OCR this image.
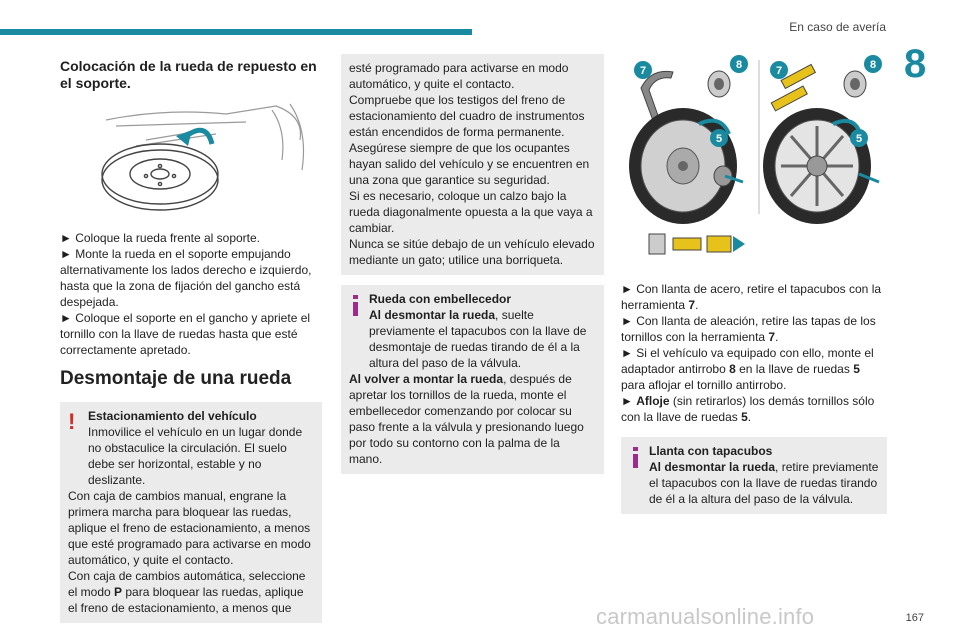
En caso de avería
8
Colocación de la rueda de repuesto en el soporte.
► Coloque la rueda frente al soporte.
► Monte la rueda en el soporte empujando alternativamente los lados derecho e izquierdo, hasta que la zona de fijación del gancho está despejada.
► Coloque el soporte en el gancho y apriete el tornillo con la llave de ruedas hasta que esté correctamente apretado.
Desmontaje de una rueda
!	Estacionamiento del vehículo

Inmovilice el vehículo en un lugar donde no obstaculice la circulación. El suelo debe ser horizontal, estable y no deslizante.

Con caja de cambios manual, engrane la primera marcha para bloquear las ruedas, aplique el freno de estacionamiento, a menos que esté programado para activarse en modo automático, y quite el contacto.

Con caja de cambios automática, seleccione el modo P para bloquear las ruedas, aplique el freno de estacionamiento, a menos que

esté programado para activarse en modo automático, y quite el contacto.

Compruebe que los testigos del freno de estacionamiento del cuadro de instrumentos están encendidos de forma permanente.

Asegúrese siempre de que los ocupantes hayan salido del vehículo y se encuentren en una zona que garantice su seguridad.

Si es necesario, coloque un calzo bajo la rueda diagonalmente opuesta a la que vaya a cambiar.

Nunca se sitúe debajo de un vehículo elevado mediante un gato; utilice una borriqueta.

Rueda con embellecedor

Al desmontar la rueda, suelte previamente el tapacubos con la llave de desmontaje de ruedas tirando de él a la altura del paso de la válvula.

Al volver a montar la rueda, después de apretar los tornillos de la rueda, monte el embellecedor comenzando por colocar su paso frente a la válvula y presionando luego por todo su contorno con la palma de la mano.

7	8	7	8
5	5

► Con llanta de acero, retire el tapacubos con la herramienta 7.

► Con llanta de aleación, retire las tapas de los tornillos con la herramienta 7.

► Si el vehículo va equipado con ello, monte el adaptador antirrobo 8 en la llave de ruedas 5 para aflojar el tornillo antirrobo.

► Afloje (sin retirarlos) los demás tornillos sólo con la llave de ruedas 5.

Llanta con tapacubos

Al desmontar la rueda, retire previamente el tapacubos con la llave de ruedas tirando de él a la altura del paso de la válvula.

carmanualsonline.info	167
